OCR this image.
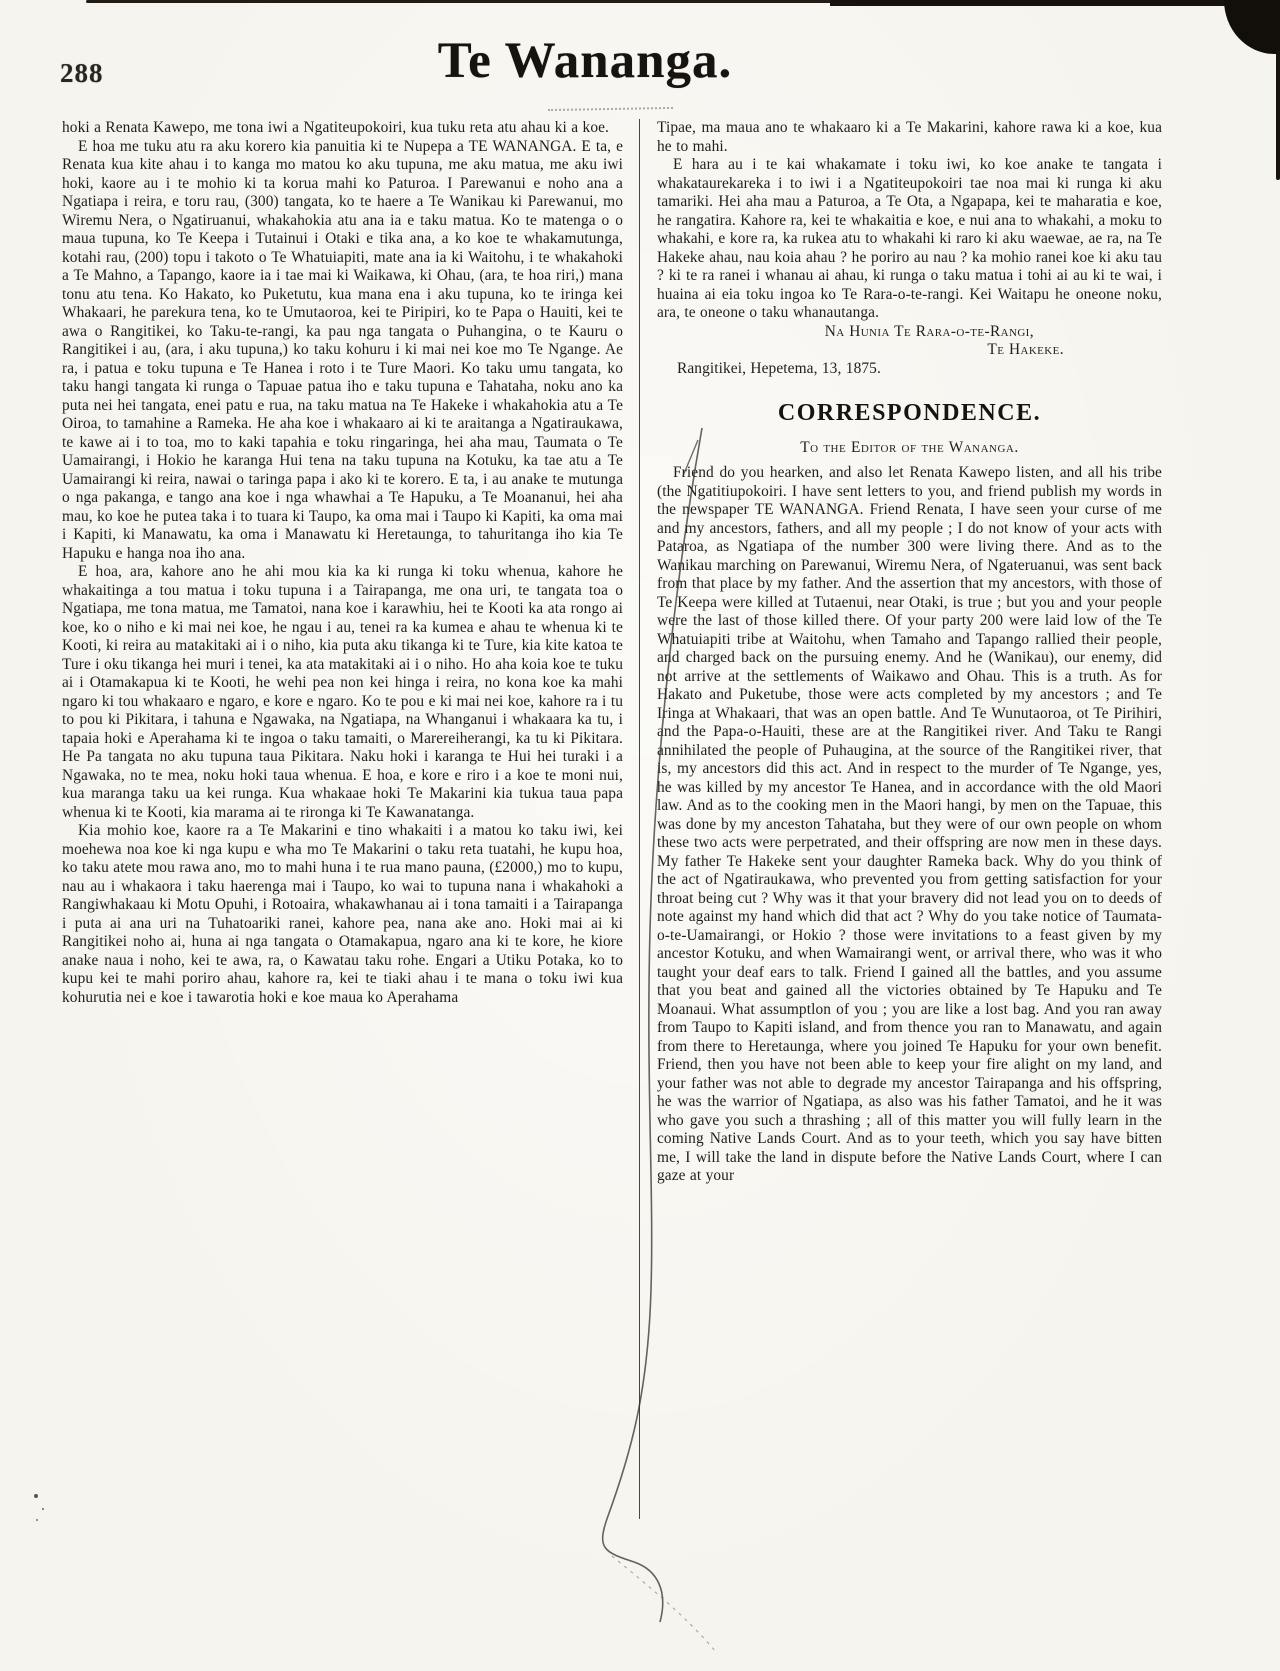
288	Te Wananga.

hoki a Renata Kawepo, me tona iwi a Ngatiteupokoiri, kua tuku reta atu ahau ki a koe.

E hoa me tuku atu ra aku korero kia panuitia ki te Nupepa a TE WANANGA. E ta, e Renata kua kite ahau i to kanga mo matou ko aku tupuna, me aku matua, me aku iwi hoki, kaore au i te mohio ki ta korua mahi ko Paturoa. I Parewanui e noho ana a Ngatiapa i reira, e toru rau, (300) tangata, ko te haere a Te Wanikau ki Parewanui, mo Wiremu Nera, o Ngatiruanui, whakahokia atu ana ia e taku matua. Ko te matenga o o maua tupuna, ko Te Keepa i Tutainui i Otaki e tika ana, a ko koe te whakamutunga, kotahi rau, (200) topu i takoto o Te Whatuiapiti, mate ana ia ki Waitohu, i te whakahoki a Te Mahno, a Tapango, kaore ia i tae mai ki Waikawa, ki Ohau, (ara, te hoa riri,) mana tonu atu tena. Ko Hakato, ko Puketutu, kua mana ena i aku tupuna, ko te iringa kei Whakaari, he parekura tena, ko te Umutaoroa, kei te Piripiri, ko te Papa o Hauiti, kei te awa o Rangitikei, ko Taku-te-rangi, ka pau nga tangata o Puhangina, o te Kauru o Rangitikei i au, (ara, i aku tupuna,) ko taku kohuru i ki mai nei koe mo Te Ngange. Ae ra, i patua e toku tupuna e Te Hanea i roto i te Ture Maori. Ko taku umu tangata, ko taku hangi tangata ki runga o Tapuae patua iho e taku tupuna e Tahataha, noku ano ka puta nei hei tangata, enei patu e rua, na taku matua na Te Hakeke i whakahokia atu a Te Oiroa, to tamahine a Rameka. He aha koe i whakaaro ai ki te araitanga a Ngatiraukawa, te kawe ai i to toa, mo to kaki tapahia e toku ringaringa, hei aha mau, Taumata o Te Uamairangi, i Hokio he karanga Hui tena na taku tupuna na Kotuku, ka tae atu a Te Uamairangi ki reira, nawai o taringa papa i ako ki te korero. E ta, i au anake te mutunga o nga pakanga, e tango ana koe i nga whawhai a Te Hapuku, a Te Moananui, hei aha mau, ko koe he putea taka i to tuara ki Taupo, ka oma mai i Taupo ki Kapiti, ka oma mai i Kapiti, ki Manawatu, ka oma i Manawatu ki Heretaunga, to tahuritanga iho kia Te Hapuku e hanga noa iho ana.

E hoa, ara, kahore ano he ahi mou kia ka ki runga ki toku whenua, kahore he whakaitinga a tou matua i toku tupuna i a Tairapanga, me ona uri, te tangata toa o Ngatiapa, me tona matua, me Tamatoi, nana koe i karawhiu, hei te Kooti ka ata rongo ai koe, ko o niho e ki mai nei koe, he ngau i au, tenei ra ka kumea e ahau te whenua ki te Kooti, ki reira au matakitaki ai i o niho, kia puta aku tikanga ki te Ture, kia kite katoa te Ture i oku tikanga hei muri i tenei, ka ata matakitaki ai i o niho. Ho aha koia koe te tuku ai i Otamakapua ki te Kooti, he wehi pea non kei hinga i reira, no kona koe ka mahi ngaro ki tou whakaaro e ngaro, e kore e ngaro. Ko te pou e ki mai nei koe, kahore ra i tu to pou ki Pikitara, i tahuna e Ngawaka, na Ngatiapa, na Whanganui i whakaara ka tu, i tapaia hoki e Aperahama ki te ingoa o taku tamaiti, o Marereiherangi, ka tu ki Pikitara. He Pa tangata no aku tupuna taua Pikitara. Naku hoki i karanga te Hui hei turaki i a Ngawaka, no te mea, noku hoki taua whenua. E hoa, e kore e riro i a koe te moni nui, kua maranga taku ua kei runga. Kua whakaae hoki Te Makarini kia tukua taua papa whenua ki te Kooti, kia marama ai te rironga ki Te Kawanatanga.

Kia mohio koe, kaore ra a Te Makarini e tino whakaiti i a matou ko taku iwi, kei moehewa noa koe ki nga kupu e wha mo Te Makarini o taku reta tuatahi, he kupu hoa, ko taku atete mou rawa ano, mo to mahi huna i te rua mano pauna, (£2000,) mo to kupu, nau au i whakaora i taku haerenga mai i Taupo, ko wai to tupuna nana i whakahoki a Rangiwhakaau ki Motu Opuhi, i Rotoaira, whakawhanau ai i tona tamaiti i a Tairapanga i puta ai ana uri na Tuhatoariki ranei, kahore pea, nana ake ano. Hoki mai ai ki Rangitikei noho ai, huna ai nga tangata o Otamakapua, ngaro ana ki te kore, he kiore anake naua i noho, kei te awa, ra, o Kawatau taku rohe. Engari a Utiku Potaka, ko to kupu kei te mahi poriro ahau, kahore ra, kei te tiaki ahau i te mana o toku iwi kua kohurutia nei e koe i tawarotia hoki e koe maua ko Aperahama

Tipae, ma maua ano te whakaaro ki a Te Makarini, kahore rawa ki a koe, kua he to mahi.

E hara au i te kai whakamate i toku iwi, ko koe anake te tangata i whakataurekareka i to iwi i a Ngatiteupokoiri tae noa mai ki runga ki aku tamariki. Hei aha mau a Paturoa, a Te Ota, a Ngapapa, kei te maharatia e koe, he rangatira. Kahore ra, kei te whakaitia e koe, e nui ana to whakahi, a moku to whakahi, e kore ra, ka rukea atu to whakahi ki raro ki aku waewae, ae ra, na Te Hakeke ahau, nau koia ahau ? he poriro au nau ? ka mohio ranei koe ki aku tau ? ki te ra ranei i whanau ai ahau, ki runga o taku matua i tohi ai au ki te wai, i huaina ai eia toku ingoa ko Te Rara-o-te-rangi. Kei Waitapu he oneone noku, ara, te oneone o taku whanautanga.

Na Hunia Te Rara-o-te-Rangi,

Te Hakeke.

Rangitikei, Hepetema, 13, 1875.

CORRESPONDENCE.

To the Editor of the Wananga.

Friend do you hearken, and also let Renata Kawepo listen, and all his tribe (the Ngatitiupokoiri. I have sent letters to you, and friend publish my words in the newspaper TE WANANGA. Friend Renata, I have seen your curse of me and my ancestors, fathers, and all my people ; I do not know of your acts with Pataroa, as Ngatiapa of the number 300 were living there. And as to the Wanikau marching on Parewanui, Wiremu Nera, of Ngateruanui, was sent back from that place by my father. And the assertion that my ancestors, with those of Te Keepa were killed at Tutaenui, near Otaki, is true ; but you and your people were the last of those killed there. Of your party 200 were laid low of the Te Whatuiapiti tribe at Waitohu, when Tamaho and Tapango rallied their people, and charged back on the pursuing enemy. And he (Wanikau), our enemy, did not arrive at the settlements of Waikawo and Ohau. This is a truth. As for Hakato and Puketube, those were acts completed by my ancestors ; and Te Iringa at Whakaari, that was an open battle. And Te Wunutaoroa, ot Te Pirihiri, and the Papa-o-Hauiti, these are at the Rangitikei river. And Taku te Rangi annihilated the people of Puhaugina, at the source of the Rangitikei river, that is, my ancestors did this act. And in respect to the murder of Te Ngange, yes, he was killed by my ancestor Te Hanea, and in accordance with the old Maori law. And as to the cooking men in the Maori hangi, by men on the Tapuae, this was done by my anceston Tahataha, but they were of our own people on whom these two acts were perpetrated, and their offspring are now men in these days. My father Te Hakeke sent your daughter Rameka back. Why do you think of the act of Ngatiraukawa, who prevented you from getting satisfaction for your throat being cut ? Why was it that your bravery did not lead you on to deeds of note against my hand which did that act ? Why do you take notice of Taumata-o-te-Uamairangi, or Hokio ? those were invitations to a feast given by my ancestor Kotuku, and when Wamairangi went, or arrival there, who was it who taught your deaf ears to talk. Friend I gained all the battles, and you assume that you beat and gained all the victories obtained by Te Hapuku and Te Moanaui. What assumptlon of you ; you are like a lost bag. And you ran away from Taupo to Kapiti island, and from thence you ran to Manawatu, and again from there to Heretaunga, where you joined Te Hapuku for your own benefit. Friend, then you have not been able to keep your fire alight on my land, and your father was not able to degrade my ancestor Tairapanga and his offspring, he was the warrior of Ngatiapa, as also was his father Tamatoi, and he it was who gave you such a thrashing ; all of this matter you will fully learn in the coming Native Lands Court. And as to your teeth, which you say have bitten me, I will take the land in dispute before the Native Lands Court, where I can gaze at your
